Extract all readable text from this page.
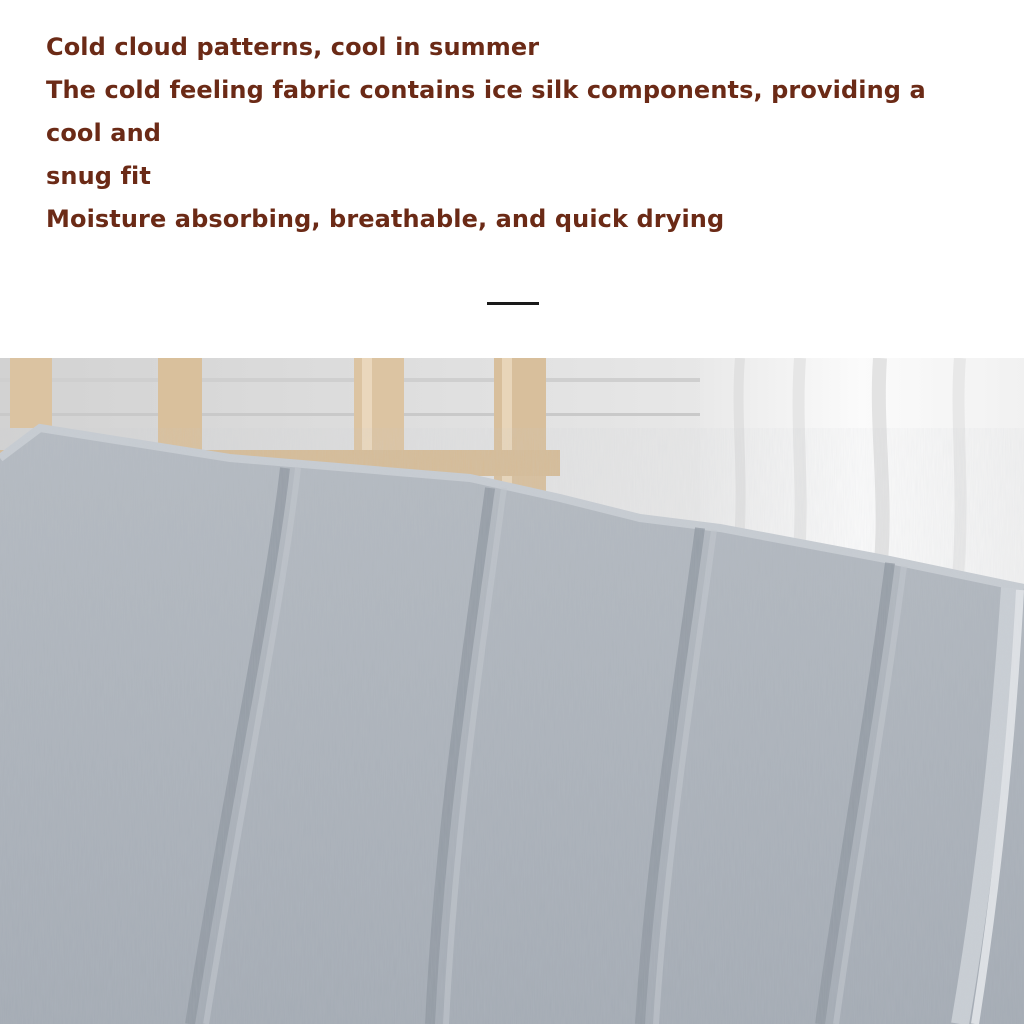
Cold cloud patterns, cool in summer

The cold feeling fabric contains ice silk components, providing a cool and

snug fit

Moisture absorbing, breathable, and quick drying
